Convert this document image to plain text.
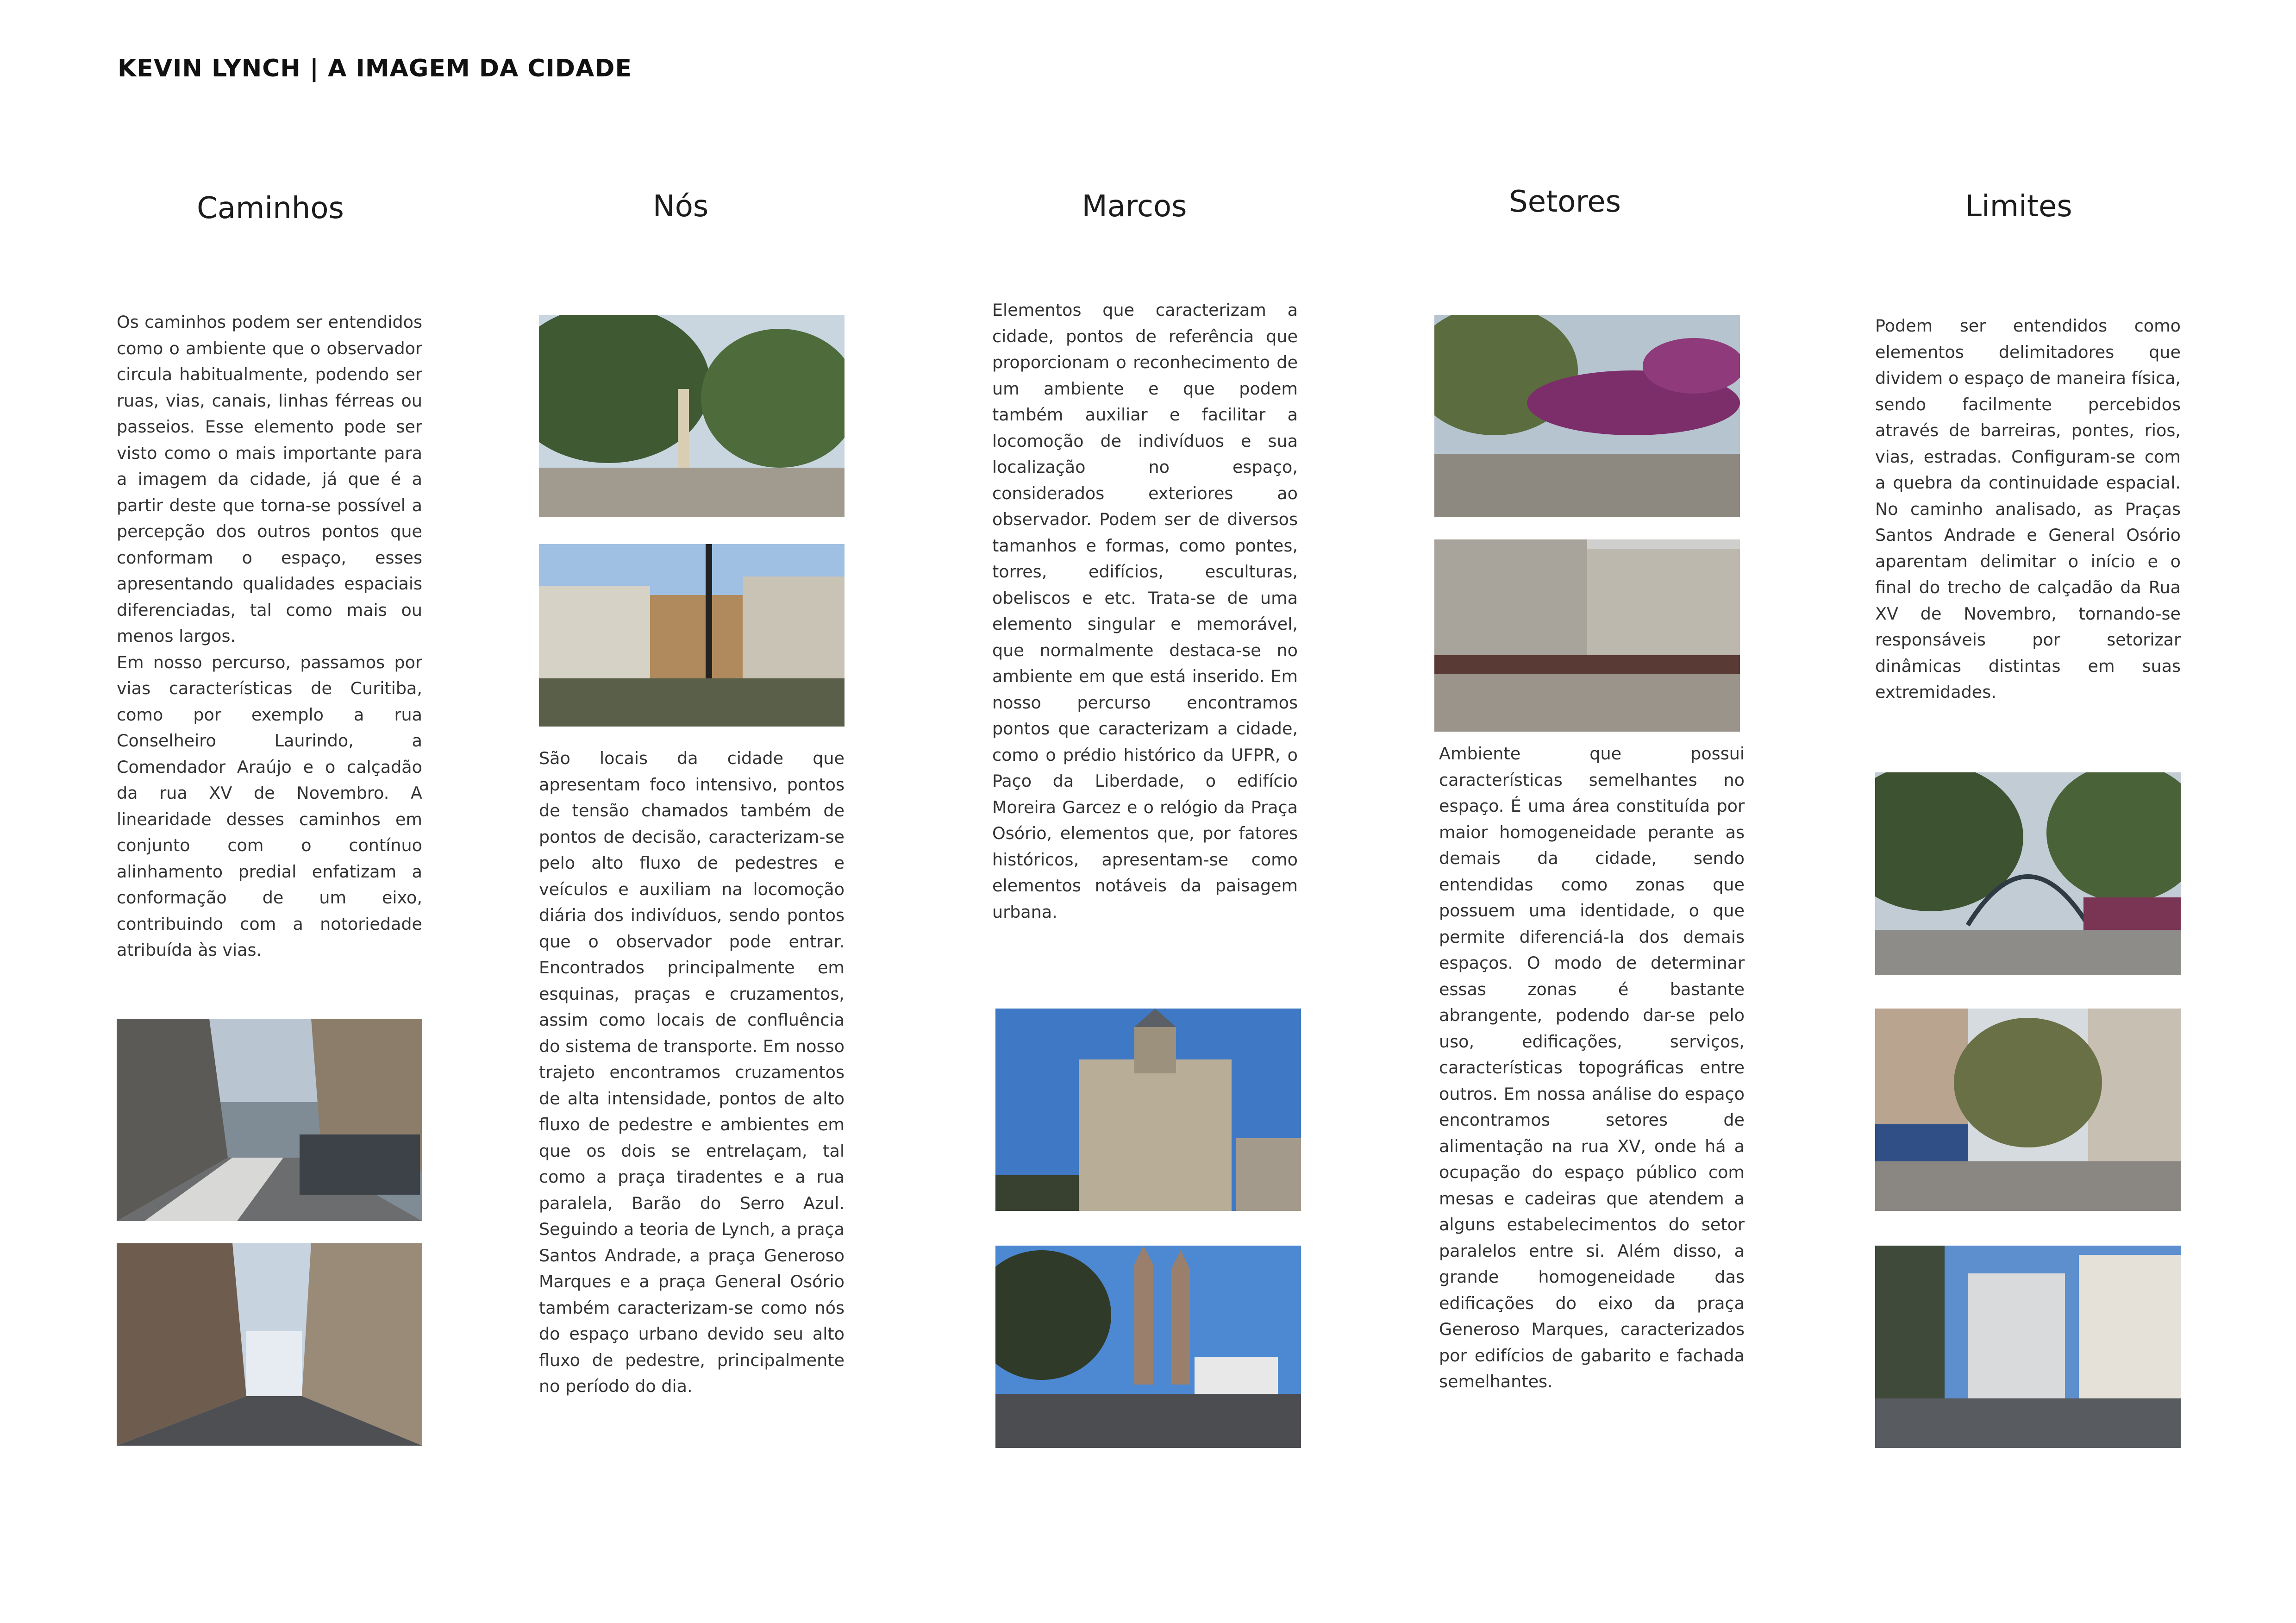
KEVIN LYNCH | A IMAGEM DA CIDADE
Caminhos

Os caminhos podem ser entendidos como o ambiente que o observador circula habitualmente, podendo ser ruas, vias, canais, linhas férreas ou passeios. Esse elemento pode ser visto como o mais importante para a imagem da cidade, já que é a partir deste que torna-se possível a percepção dos outros pontos que conformam o espaço, esses apresentando qualidades espaciais diferenciadas, tal como mais ou menos largos.

Em nosso percurso, passamos por vias características de Curitiba, como por exemplo a rua Conselheiro Laurindo, a Comendador Araújo e o calçadão da rua XV de Novembro. A linearidade desses caminhos em conjunto com o contínuo alinhamento predial enfatizam a conformação de um eixo, contribuindo com a notoriedade atribuída às vias.

Nós

São locais da cidade que apresentam foco intensivo, pontos de tensão chamados também de pontos de decisão, caracterizam-se pelo alto fluxo de pedestres e veículos e auxiliam na locomoção diária dos indivíduos, sendo pontos que o observador pode entrar. Encontrados principalmente em esquinas, praças e cruzamentos, assim como locais de confluência do sistema de transporte. Em nosso trajeto encontramos cruzamentos de alta intensidade, pontos de alto fluxo de pedestre e ambientes em que os dois se entrelaçam, tal como a praça tiradentes e a rua paralela, Barão do Serro Azul. Seguindo a teoria de Lynch, a praça Santos Andrade, a praça Generoso Marques e a praça General Osório também caracterizam-se como nós do espaço urbano devido seu alto fluxo de pedestre, principalmente no período do dia.

Marcos

Elementos que caracterizam a cidade, pontos de referência que proporcionam o reconhecimento de um ambiente e que podem também auxiliar e facilitar a locomoção de indivíduos e sua localização no espaço, considerados exteriores ao observador. Podem ser de diversos tamanhos e formas, como pontes, torres, edifícios, esculturas, obeliscos e etc. Trata-se de uma elemento singular e memorável, que normalmente destaca-se no ambiente em que está inserido. Em nosso percurso encontramos pontos que caracterizam a cidade, como o prédio histórico da UFPR, o Paço da Liberdade, o edifício Moreira Garcez e o relógio da Praça Osório, elementos que, por fatores históricos, apresentam-se como elementos notáveis da paisagem urbana.

Setores

Ambiente que possui características semelhantes no espaço. É uma área constituída por maior homogeneidade perante as demais da cidade, sendo entendidas como zonas que possuem uma identidade, o que permite diferenciá-la dos demais espaços. O modo de determinar essas zonas é bastante abrangente, podendo dar-se pelo uso, edificações, serviços, características topográficas entre outros. Em nossa análise do espaço encontramos setores de alimentação na rua XV, onde há a ocupação do espaço público com mesas e cadeiras que atendem a alguns estabelecimentos do setor paralelos entre si. Além disso, a grande homogeneidade das edificações do eixo da praça Generoso Marques, caracterizados por edifícios de gabarito e fachada semelhantes.

Limites

Podem ser entendidos como elementos delimitadores que dividem o espaço de maneira física, sendo facilmente percebidos através de barreiras, pontes, rios, vias, estradas. Configuram-se com a quebra da continuidade espacial. No caminho analisado, as Praças Santos Andrade e General Osório aparentam delimitar o início e o final do trecho de calçadão da Rua XV de Novembro, tornando-se responsáveis por setorizar dinâmicas distintas em suas extremidades.
